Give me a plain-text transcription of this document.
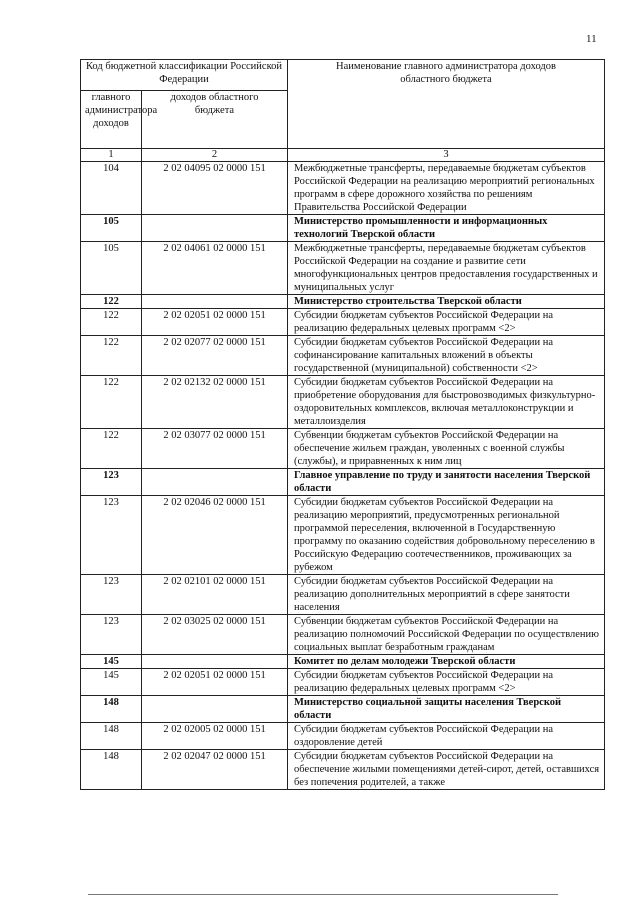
11
Код бюджетной классификации Российской Федерации		Наименование главного администратора доходов областного бюджета
главного администратора доходов	доходов областного бюджета	
1	2	3
104	2 02 04095 02 0000 151	Межбюджетные трансферты, передаваемые бюджетам субъектов Российской Федерации на реализацию мероприятий региональных программ в сфере дорожного хозяйства по решениям Правительства Российской Федерации
105		Министерство промышленности и информационных технологий Тверской области
105	2 02 04061 02 0000 151	Межбюджетные трансферты, передаваемые бюджетам субъектов Российской Федерации на создание и развитие сети многофункциональных центров предоставления государственных и муниципальных услуг
122		Министерство строительства Тверской области
122	2 02 02051 02 0000 151	Субсидии бюджетам субъектов Российской Федерации на реализацию федеральных целевых программ <2>
122	2 02 02077 02 0000 151	Субсидии бюджетам субъектов Российской Федерации на софинансирование капитальных вложений в объекты государственной (муниципальной) собственности <2>
122	2 02 02132 02 0000 151	Субсидии бюджетам субъектов Российской Федерации на приобретение оборудования для быстровозводимых физкультурно-оздоровительных комплексов, включая металлоконструкции и металлоизделия
122	2 02 03077 02 0000 151	Субвенции бюджетам субъектов Российской Федерации на обеспечение жильем граждан, уволенных с военной службы (службы), и приравненных к ним лиц
123		Главное управление по труду и занятости населения Тверской области
123	2 02 02046 02 0000 151	Субсидии бюджетам субъектов Российской Федерации на реализацию мероприятий, предусмотренных региональной программой переселения, включенной в Государственную программу по оказанию содействия добровольному переселению в Российскую Федерацию соотечественников, проживающих за рубежом
123	2 02 02101 02 0000 151	Субсидии бюджетам субъектов Российской Федерации на реализацию дополнительных мероприятий в сфере занятости населения
123	2 02 03025 02 0000 151	Субвенции бюджетам субъектов Российской Федерации на реализацию полномочий Российской Федерации по осуществлению социальных выплат безработным гражданам
145		Комитет по делам молодежи Тверской области
145	2 02 02051 02 0000 151	Субсидии бюджетам субъектов Российской Федерации на реализацию федеральных целевых программ <2>
148		Министерство социальной защиты населения Тверской области
148	2 02 02005 02 0000 151	Субсидии бюджетам субъектов Российской Федерации на оздоровление детей
148	2 02 02047 02 0000 151	Субсидии бюджетам субъектов Российской Федерации на обеспечение жилыми помещениями детей-сирот, детей, оставшихся без попечения родителей, а также
